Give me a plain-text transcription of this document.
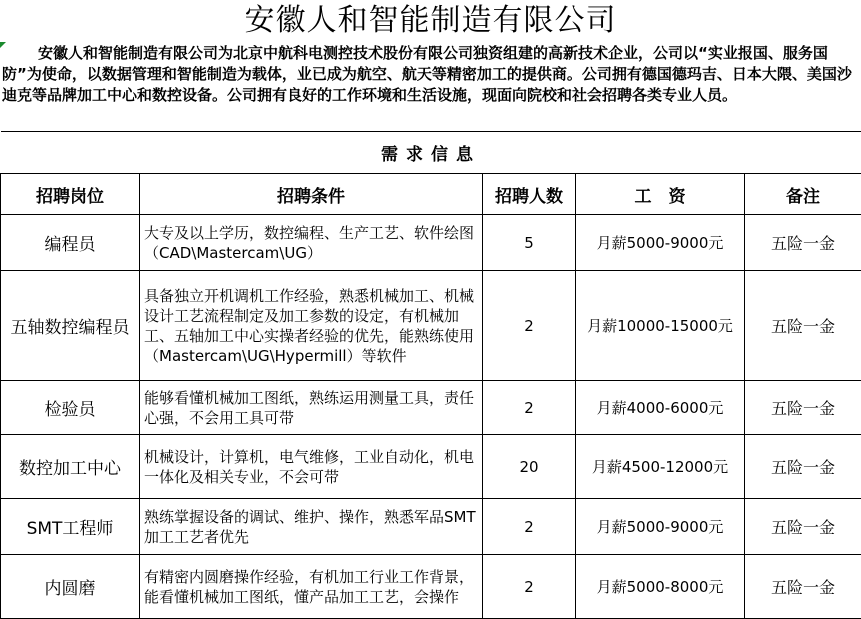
安徽人和智能制造有限公司
安徽人和智能制造有限公司为北京中航科电测控技术股份有限公司独资组建的高新技术企业，公司以“实业报国、服务国防”为使命，以数据管理和智能制造为载体，业已成为航空、航天等精密加工的提供商。公司拥有德国德玛吉、日本大隈、美国沙迪克等品牌加工中心和数控设备。公司拥有良好的工作环境和生活设施，现面向院校和社会招聘各类专业人员。
需求信息				
招聘岗位	招聘条件	招聘人数	工　资	备注
编程员	大专及以上学历，数控编程、生产工艺、软件绘图（CAD\Mastercam\UG）	5	月薪5000-9000元	五险一金
五轴数控编程员	具备独立开机调机工作经验，熟悉机械加工、机械设计工艺流程制定及加工参数的设定，有机械加工、五轴加工中心实操者经验的优先，能熟练使用（Mastercam\UG\Hypermill）等软件	2	月薪10000-15000元	五险一金
检验员	能够看懂机械加工图纸，熟练运用测量工具，责任心强，不会用工具可带	2	月薪4000-6000元	五险一金
数控加工中心	机械设计，计算机，电气维修，工业自动化，机电一体化及相关专业，不会可带	20	月薪4500-12000元	五险一金
SMT工程师	熟练掌握设备的调试、维护、操作，熟悉军品SMT加工工艺者优先	2	月薪5000-9000元	五险一金
内圆磨	有精密内圆磨操作经验，有机加工行业工作背景，能看懂机械加工图纸，懂产品加工工艺，会操作	2	月薪5000-8000元	五险一金
